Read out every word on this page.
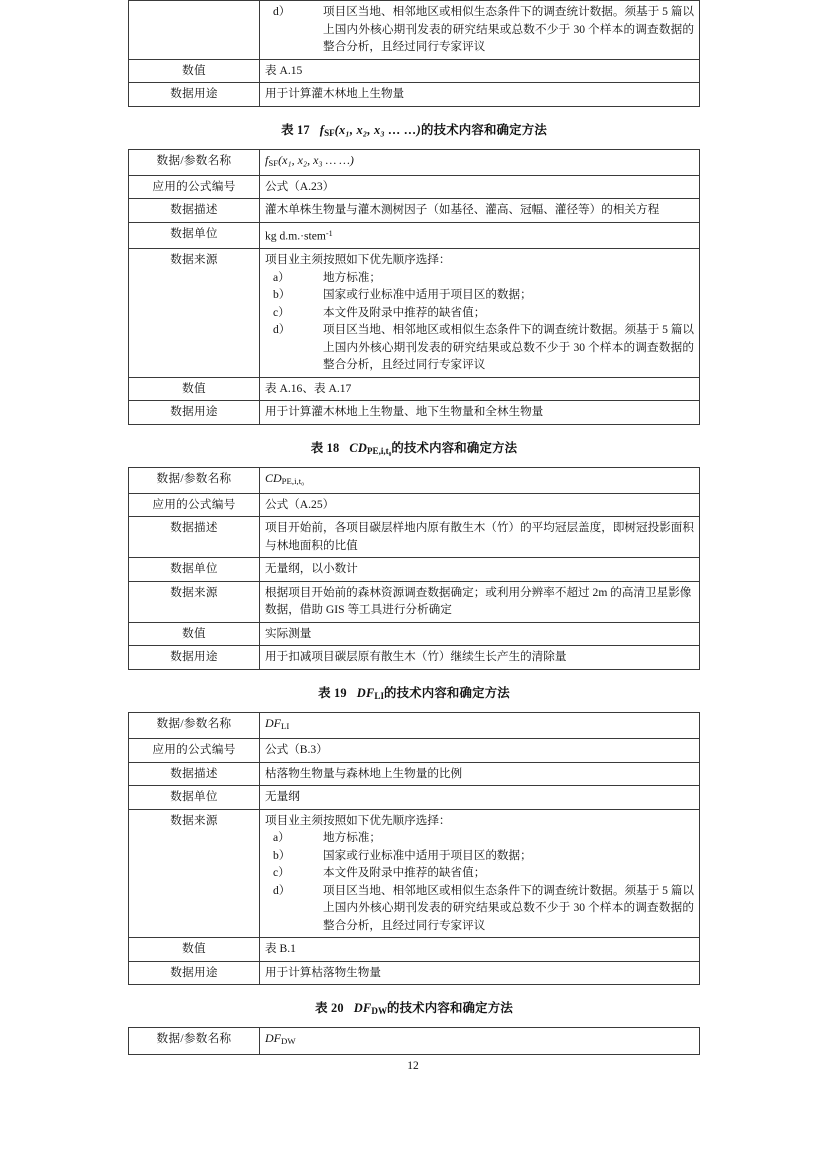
d）	项目区当地、相邻地区或相似生态条件下的调查统计数据。须基于 5 篇以上国内外核心期刊发表的研究结果或总数不少于 30 个样本的调查数据的整合分析，且经过同行专家评议

数值	表 A.15
数据用途	用于计算灌木林地上生物量
表 17 $f_{SF}(x_1$, x₂, x₃ … …)的技术内容和确定方法
数据/参数名称	$f_{SF}(x_1$, x₂, x₃ … …)
应用的公式编号	公式（A.23）
数据描述	灌木单株生物量与灌木测树因子（如基径、灌高、冠幅、灌径等）的相关方程
数据单位	kg d.m.·stem$^{-1}$
数据来源	项目业主须按照如下优先顺序选择：
a）	地方标准；
b）	国家或行业标准中适用于项目区的数据；
c）	本文件及附录中推荐的缺省值；
d）	项目区当地、相邻地区或相似生态条件下的调查统计数据。须基于 5 篇以上国内外核心期刊发表的研究结果或总数不少于 30 个样本的调查数据的整合分析，且经过同行专家评议

数值	表 A.16、表 A.17
数据用途	用于计算灌木林地上生物量、地下生物量和全林生物量
表 18 $CD_{PE,i,t_0}$的技术内容和确定方法
数据/参数名称	$CD_{PE,i,t_0}$
应用的公式编号	公式（A.25）
数据描述	项目开始前，各项目碳层样地内原有散生木（竹）的平均冠层盖度，即树冠投影面积与林地面积的比值
数据单位	无量纲，以小数计
数据来源	根据项目开始前的森林资源调查数据确定；或利用分辨率不超过 2m 的高清卫星影像数据，借助 GIS 等工具进行分析确定
数值	实际测量
数据用途	用于扣减项目碳层原有散生木（竹）继续生长产生的清除量
表 19 $DF_{LI}$的技术内容和确定方法
数据/参数名称	$DF_{LI}$
应用的公式编号	公式（B.3）
数据描述	枯落物生物量与森林地上生物量的比例
数据单位	无量纲
数据来源	项目业主须按照如下优先顺序选择：
a）	地方标准；
b）	国家或行业标准中适用于项目区的数据；
c）	本文件及附录中推荐的缺省值；
d）	项目区当地、相邻地区或相似生态条件下的调查统计数据。须基于 5 篇以上国内外核心期刊发表的研究结果或总数不少于 30 个样本的调查数据的整合分析，且经过同行专家评议

数值	表 B.1
数据用途	用于计算枯落物生物量
表 20 $DF_{DW}$的技术内容和确定方法
数据/参数名称	$DF_{DW}$
12
